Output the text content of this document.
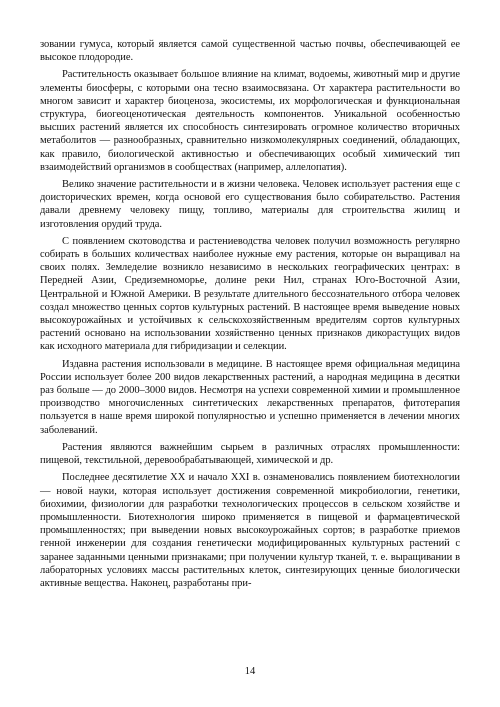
зовании гумуса, который является самой существенной частью почвы, обеспечивающей ее высокое плодородие.

Растительность оказывает большое влияние на климат, водоемы, животный мир и другие элементы биосферы, с которыми она тесно взаимосвязана. От характера растительности во многом зависит и характер биоценоза, экосистемы, их морфологическая и функциональная структура, биогеоценотическая деятельность компонентов. Уникальной особенностью высших растений является их способность синтезировать огромное количество вторичных метаболитов — разнообразных, сравнительно низкомолекулярных соединений, обладающих, как правило, биологической активностью и обеспечивающих особый химический тип взаимодействий организмов в сообществах (например, аллелопатия).

Велико значение растительности и в жизни человека. Человек использует растения еще с доисторических времен, когда основой его существования было собирательство. Растения давали древнему человеку пищу, топливо, материалы для строительства жилищ и изготовления орудий труда.

С появлением скотоводства и растениеводства человек получил возможность регулярно собирать в больших количествах наиболее нужные ему растения, которые он выращивал на своих полях. Земледелие возникло независимо в нескольких географических центрах: в Передней Азии, Средиземноморье, долине реки Нил, странах Юго-Восточной Азии, Центральной и Южной Америки. В результате длительного бессознательного отбора человек создал множество ценных сортов культурных растений. В настоящее время выведение новых высокоурожайных и устойчивых к сельскохозяйственным вредителям сортов культурных растений основано на использовании хозяйственно ценных признаков дикорастущих видов как исходного материала для гибридизации и селекции.

Издавна растения использовали в медицине. В настоящее время официальная медицина России использует более 200 видов лекарственных растений, а народная медицина в десятки раз больше — до 2000–3000 видов. Несмотря на успехи современной химии и промышленное производство многочисленных синтетических лекарственных препаратов, фитотерапия пользуется в наше время широкой популярностью и успешно применяется в лечении многих заболеваний.

Растения являются важнейшим сырьем в различных отраслях промышленности: пищевой, текстильной, деревообрабатывающей, химической и др.

Последнее десятилетие XX и начало XXI в. ознаменовались появлением биотехнологии — новой науки, которая использует достижения современной микробиологии, генетики, биохимии, физиологии для разработки технологических процессов в сельском хозяйстве и промышленности. Биотехнология широко применяется в пищевой и фармацевтической промышленностях; при выведении новых высокоурожайных сортов; в разработке приемов генной инженерии для создания генетически модифицированных культурных растений с заранее заданными ценными признаками; при получении культур тканей, т. е. выращивании в лабораторных условиях массы растительных клеток, синтезирующих ценные биологически активные вещества. Наконец, разработаны при-

14
